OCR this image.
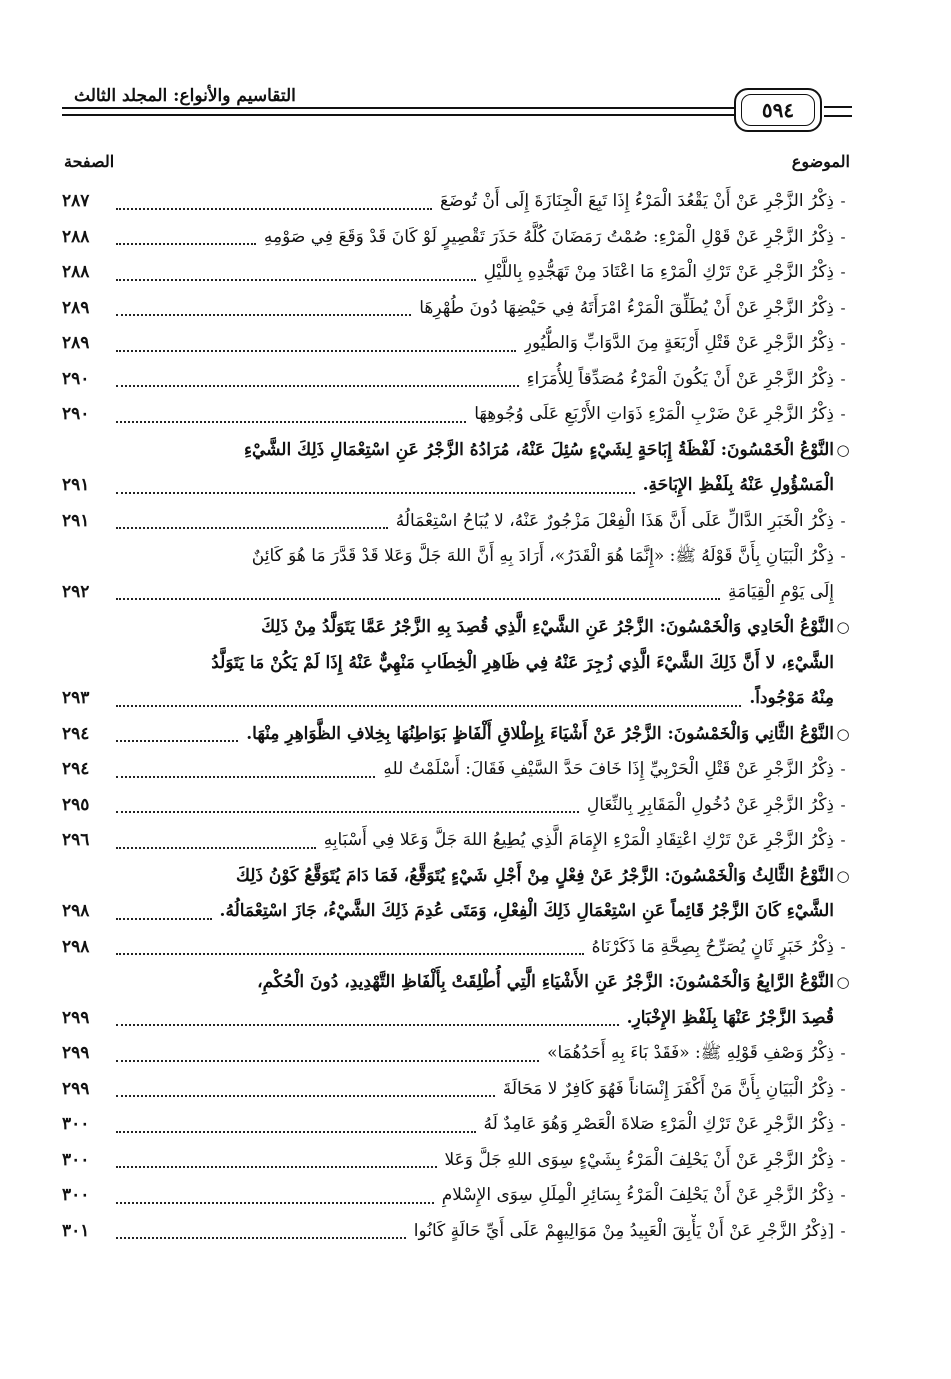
٥٩٤
التقاسيم والأنواع: المجلد الثالث
الموضوع
الصفحة
-
ذِكْرُ الزَّجْرِ عَنْ أَنْ يَقْعُدَ الْمَرْءُ إِذَا تَبِعَ الْجِنَازَةَ إِلَى أَنْ تُوضَعَ
٢٨٧
-
ذِكْرُ الزَّجْرِ عَنْ قَوْلِ الْمَرْءِ: صُمْتُ رَمَضَانَ كُلَّهُ حَذَرَ تَقْصِيرٍ لَوْ كَانَ قَدْ وَقَعَ فِي صَوْمِهِ
٢٨٨
-
ذِكْرُ الزَّجْرِ عَنْ تَرْكِ الْمَرْءِ مَا اعْتَادَ مِنْ تَهَجُّدِهِ بِاللَّيْلِ
٢٨٨
-
ذِكْرُ الزَّجْرِ عَنْ أَنْ يُطَلِّقَ الْمَرْءُ امْرَأَتَهُ فِي حَيْضِهَا دُونَ طُهْرِهَا
٢٨٩
-
ذِكْرُ الزَّجْرِ عَنْ قَتْلِ أَرْبَعَةٍ مِنَ الدَّوَابِّ وَالطُّيُورِ
٢٨٩
-
ذِكْرُ الزَّجْرِ عَنْ أَنْ يَكُونَ الْمَرْءُ مُصَدِّقاً لِلأُمَرَاءِ
٢٩٠
-
ذِكْرُ الزَّجْرِ عَنْ ضَرْبِ الْمَرْءِ ذَوَاتِ الأَرْبَعِ عَلَى وُجُوهِهَا
٢٩٠
○
النَّوْعُ الْخَمْسُونَ: لَفْظَةُ إِبَاحَةٍ لِشَيْءٍ سُئِلَ عَنْهُ، مُرَادُهُ الزَّجْرُ عَنِ اسْتِعْمَالِ ذَلِكَ الشَّيْءِ
الْمَسْؤُولِ عَنْهُ بِلَفْظِ الإِبَاحَةِ.
٢٩١
-
ذِكْرُ الْخَبَرِ الدَّالِّ عَلَى أَنَّ هَذَا الْفِعْلَ مَزْجُورٌ عَنْهُ، لا يُبَاحُ اسْتِعْمَالُهُ
٢٩١
-
ذِكْرُ الْبَيَانِ بِأَنَّ قَوْلَهُ ﷺ: «إِنَّمَا هُوَ الْقَدَرُ»، أَرَادَ بِهِ أَنَّ اللهَ جَلَّ وَعَلا قَدْ قَدَّرَ مَا هُوَ كَائِنٌ
إِلَى يَوْمِ الْقِيَامَةِ
٢٩٢
○
النَّوْعُ الْحَادِي وَالْخَمْسُونَ: الزَّجْرُ عَنِ الشَّيْءِ الَّذِي قُصِدَ بِهِ الزَّجْرُ عَمَّا يَتَوَلَّدُ مِنْ ذَلِكَ
الشَّيْءِ، لا أَنَّ ذَلِكَ الشَّيْءَ الَّذِي زُجِرَ عَنْهُ فِي ظَاهِرِ الْخِطَابِ مَنْهِيٌّ عَنْهُ إِذَا لَمْ يَكُنْ مَا يَتَوَلَّدُ
مِنْهُ مَوْجُوداً.
٢٩٣
○
النَّوْعُ الثَّانِي وَالْخَمْسُونَ: الزَّجْرُ عَنْ أَشْيَاءَ بِإِطْلاقِ أَلْفَاظٍ بَوَاطِنُهَا بِخِلافِ الظَّوَاهِرِ مِنْهَا.
٢٩٤
-
ذِكْرُ الزَّجْرِ عَنْ قَتْلِ الْحَرْبِيِّ إِذَا خَافَ حَدَّ السَّيْفِ فَقَالَ: أَسْلَمْتُ للهِ
٢٩٤
-
ذِكْرُ الزَّجْرِ عَنْ دُخُولِ الْمَقَابِرِ بِالنِّعَالِ
٢٩٥
-
ذِكْرُ الزَّجْرِ عَنْ تَرْكِ اعْتِقَادِ الْمَرْءِ الإِمَامَ الَّذِي يُطِيعُ اللهَ جَلَّ وَعَلا فِي أَسْبَابِهِ
٢٩٦
○
النَّوْعُ الثَّالِثُ وَالْخَمْسُونَ: الزَّجْرُ عَنْ فِعْلٍ مِنْ أَجْلِ شَيْءٍ يُتَوَقَّعُ، فَمَا دَامَ يُتَوَقَّعُ كَوْنُ ذَلِكَ
الشَّيْءِ كَانَ الزَّجْرُ قَائِماً عَنِ اسْتِعْمَالِ ذَلِكَ الْفِعْلِ، وَمَتَى عُدِمَ ذَلِكَ الشَّيْءُ، جَازَ اسْتِعْمَالُهُ.
٢٩٨
-
ذِكْرُ خَبَرٍ ثَانٍ يُصَرِّحُ بِصِحَّةِ مَا ذَكَرْنَاهُ
٢٩٨
○
النَّوْعُ الرَّابِعُ وَالْخَمْسُونَ: الزَّجْرُ عَنِ الأَشْيَاءِ الَّتِي أُطْلِقَتْ بِأَلْفَاظِ التَّهْدِيدِ، دُونَ الْحُكْمِ،
قُصِدَ الزَّجْرُ عَنْهَا بِلَفْظِ الإِخْبَارِ.
٢٩٩
-
ذِكْرُ وَصْفِ قَوْلِهِ ﷺ: «فَقَدْ بَاءَ بِهِ أَحَدُهُمَا»
٢٩٩
-
ذِكْرُ الْبَيَانِ بِأَنَّ مَنْ أَكْفَرَ إِنْسَاناً فَهُوَ كَافِرٌ لا مَحَالَةَ
٢٩٩
-
ذِكْرُ الزَّجْرِ عَنْ تَرْكِ الْمَرْءِ صَلاةَ الْعَصْرِ وَهُوَ عَامِدٌ لَهُ
٣٠٠
-
ذِكْرُ الزَّجْرِ عَنْ أَنْ يَحْلِفَ الْمَرْءُ بِشَيْءٍ سِوَى اللهِ جَلَّ وَعَلا
٣٠٠
-
ذِكْرُ الزَّجْرِ عَنْ أَنْ يَحْلِفَ الْمَرْءُ بِسَائِرِ الْمِلَلِ سِوَى الإِسْلامِ
٣٠٠
-
[ذِكْرُ الزَّجْرِ عَنْ أَنْ يَأْبِقَ الْعَبِيدُ مِنْ مَوَالِيهِمْ عَلَى أَيِّ حَالَةٍ كَانُوا
٣٠١
